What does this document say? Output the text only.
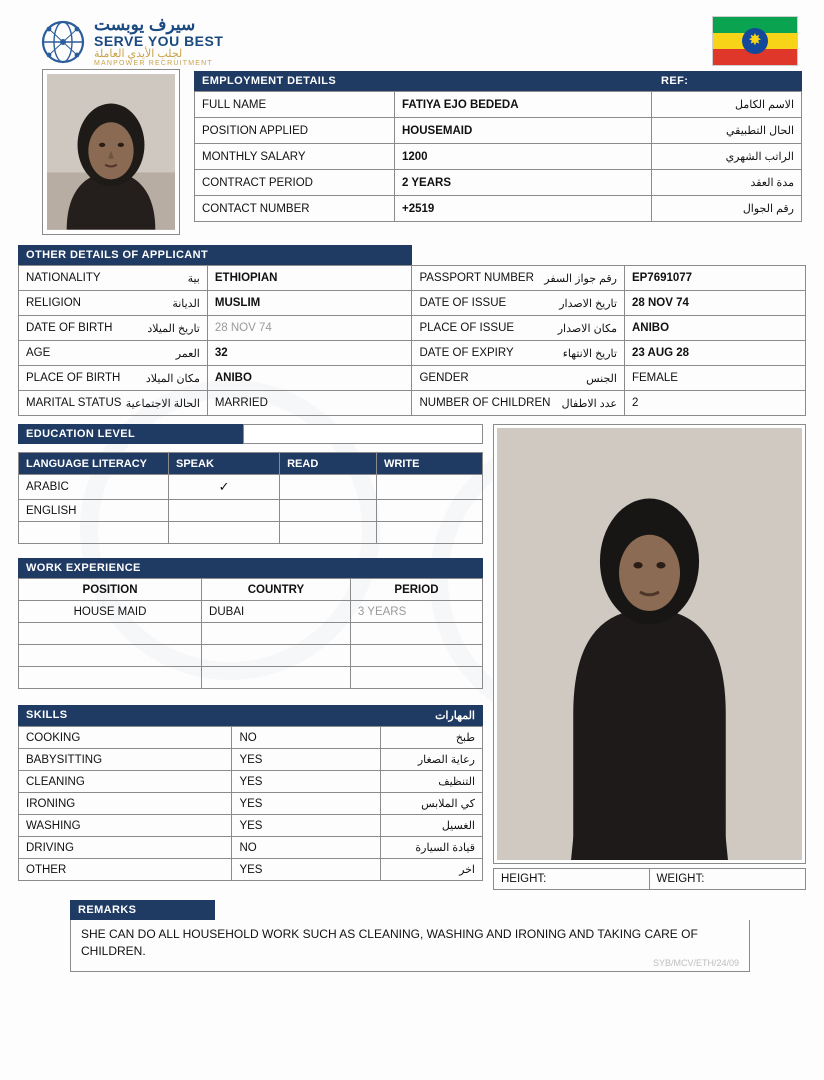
سيرف يوبست
SERVE YOU BEST
لجلب الأيدي العاملة
MANPOWER RECRUITMENT
✸
EMPLOYMENT DETAILS	REF:
FULL NAME	FATIYA EJO BEDEDA	الاسم الكامل
POSITION APPLIED	HOUSEMAID	الحال التطبيقي
MONTHLY SALARY	1200	الراتب الشهري
CONTRACT PERIOD	2 YEARS	مدة العقد
CONTACT NUMBER	+2519	رقم الجوال
OTHER DETAILS OF APPLICANT
NATIONALITY بية	ETHIOPIAN	PASSPORT NUMBER رقم جواز السفر	EP7691077
RELIGION الديانة	MUSLIM	DATE OF ISSUE تاريخ الاصدار	28 NOV 74
DATE OF BIRTH تاريخ الميلاد	28 NOV 74	PLACE OF ISSUE مكان الاصدار	ANIBO
AGE العمر	32	DATE OF EXPIRY تاريخ الانتهاء	23 AUG 28
PLACE OF BIRTH مكان الميلاد	ANIBO	GENDER الجنس	FEMALE
MARITAL STATUS الحالة الاجتماعية	MARRIED	NUMBER OF CHILDREN عدد الاطفال	2
EDUCATION LEVEL
LANGUAGE LITERACY	SPEAK	READ	WRITE
ARABIC	✓		
ENGLISH			

WORK EXPERIENCE
POSITION	COUNTRY	PERIOD
HOUSE MAID	DUBAI	3 YEARS

SKILLS	المهارات
COOKING	NO	طبخ
BABYSITTING	YES	رعاية الصغار
CLEANING	YES	التنظيف
IRONING	YES	كي الملابس
WASHING	YES	الغسيل
DRIVING	NO	قيادة السيارة
OTHER	YES	اخر
HEIGHT:	WEIGHT:
REMARKS
SHE CAN DO ALL HOUSEHOLD WORK SUCH AS CLEANING, WASHING AND IRONING AND TAKING CARE OF CHILDREN.
SYB/MCV/ETH/24/09
